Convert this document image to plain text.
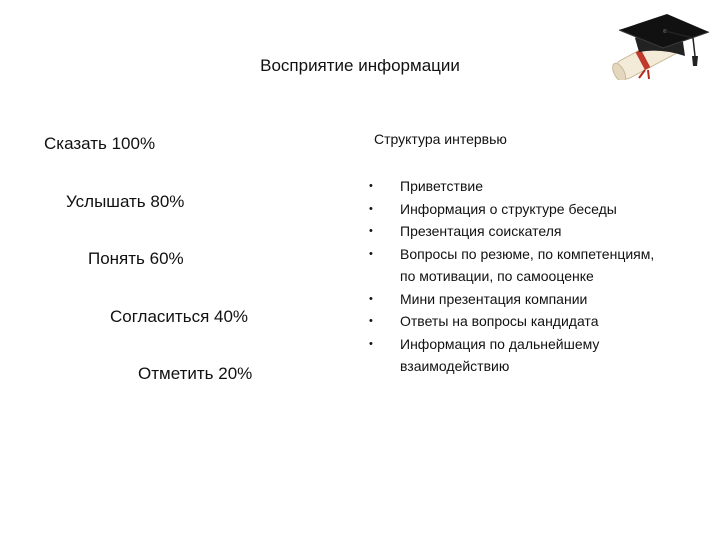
Восприятие информации
Сказать 100%
Услышать 80%
Понять 60%
Согласиться 40%
Отметить 20%
Структура интервью
• Приветствие
• Информация о структуре беседы
• Презентация соискателя
• Вопросы по резюме, по компетенциям, по мотивации, по самооценке
• Мини презентация компании
• Ответы на вопросы кандидата
• Информация по дальнейшему взаимодействию
